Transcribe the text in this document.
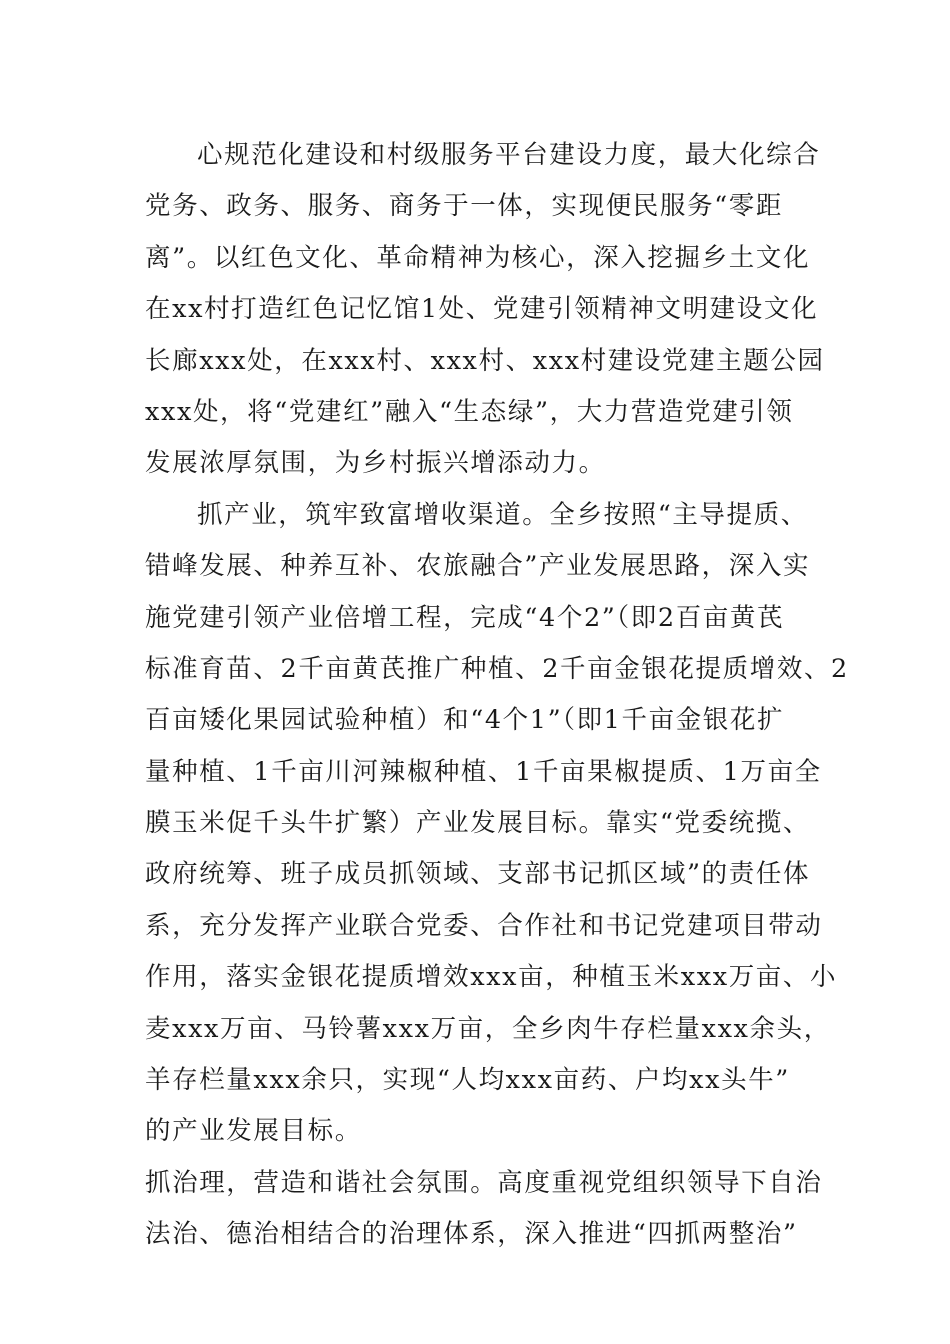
心规范化建设和村级服务平台建设力度，最大化综合
党务、政务、服务、商务于一体，实现便民服务“零距
离”。以红色文化、革命精神为核心，深入挖掘乡土文化
在xx村打造红色记忆馆1处、党建引领精神文明建设文化
长廊xxx处，在xxx村、xxx村、xxx村建设党建主题公园
xxx处，将“党建红”融入“生态绿”，大力营造党建引领
发展浓厚氛围，为乡村振兴增添动力。
抓产业，筑牢致富增收渠道。全乡按照“主导提质、
错峰发展、种养互补、农旅融合”产业发展思路，深入实
施党建引领产业倍增工程，完成“4个2”（即2百亩黄芪
标准育苗、2千亩黄芪推广种植、2千亩金银花提质增效、2
百亩矮化果园试验种植）和“4个1”（即1千亩金银花扩
量种植、1千亩川河辣椒种植、1千亩果椒提质、1万亩全
膜玉米促千头牛扩繁）产业发展目标。靠实“党委统揽、
政府统筹、班子成员抓领域、支部书记抓区域”的责任体
系，充分发挥产业联合党委、合作社和书记党建项目带动
作用，落实金银花提质增效xxx亩，种植玉米xxx万亩、小
麦xxx万亩、马铃薯xxx万亩，全乡肉牛存栏量xxx余头，
羊存栏量xxx余只，实现“人均xxx亩药、户均xx头牛”
的产业发展目标。
抓治理，营造和谐社会氛围。高度重视党组织领导下自治
法治、德治相结合的治理体系，深入推进“四抓两整治”
